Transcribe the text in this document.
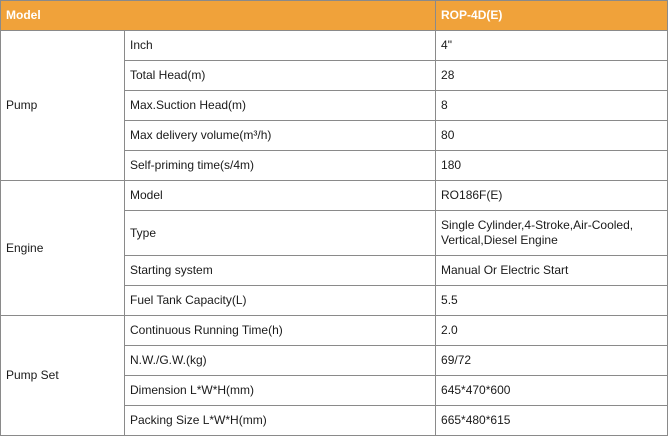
Model		ROP-4D(E)
Pump	Inch	4"
	Total Head(m)	28
	Max.Suction Head(m)	8
	Max delivery volume(m³/h)	80
	Self-priming time(s/4m)	180
Engine	Model	RO186F(E)
	Type	Single Cylinder,4-Stroke,Air-Cooled, Vertical,Diesel Engine
	Starting system	Manual Or Electric Start
	Fuel Tank Capacity(L)	5.5
Pump Set	Continuous Running Time(h)	2.0
	N.W./G.W.(kg)	69/72
	Dimension L*W*H(mm)	645*470*600
	Packing Size L*W*H(mm)	665*480*615
